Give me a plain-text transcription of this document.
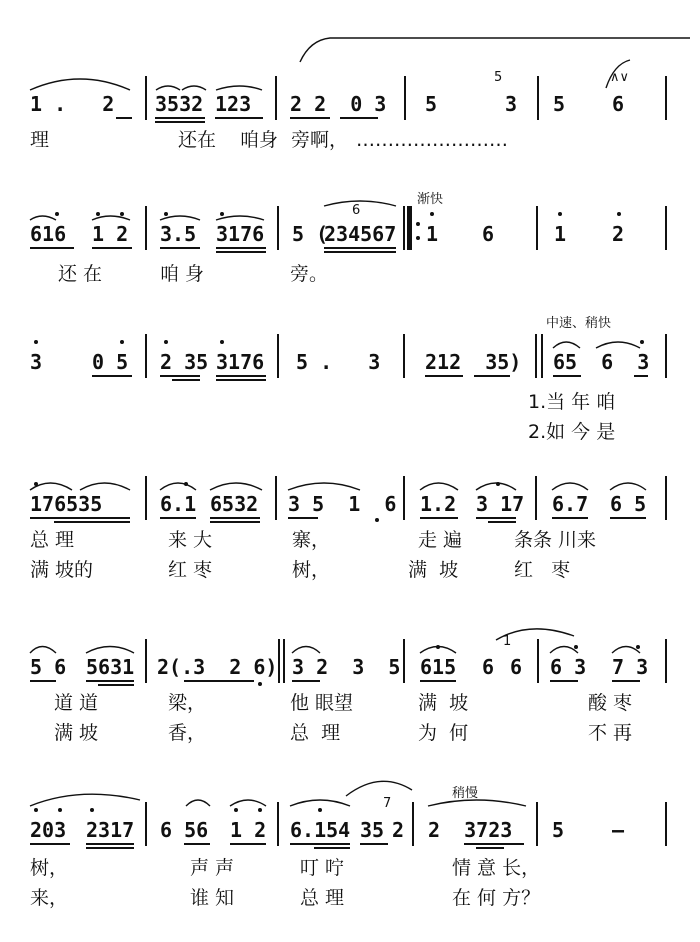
1 .   2 3532 123 2 2  0 3 5
5
3 5 6
∧∨
理	还在 咱身 旁啊， ……………………
616 1 2 3.5 3176 5 (
6
234567
渐快
1 6	1 2
还 在	咱 身	旁。
3 0 5 2 35 3176 5 .   3 212  35)
中速、稍快
65  6  3
1.当 年 咱
2.如 今 是
176535	6.1 6532 3 5  1  6 1.2 3 17 6.7 6 5
总 理	来 大	寨，	走 遍	条条 川来
满 坡的	红 枣	树，	满  坡	红   枣
5 6 5631 2(.3  2 6) 3 2  3  5 615
1
6 6 6 3 7 3
道 道	梁，	他 眼望	满  坡	酸 枣
满 坡	香，	总  理	为  何	不 再
203 2317 6 56 1 2 6.154 35
7
2
稍慢
2  3723 5 —
树，	声 声	叮 咛	情 意 长，
来，	谁 知	总 理	在 何 方？
